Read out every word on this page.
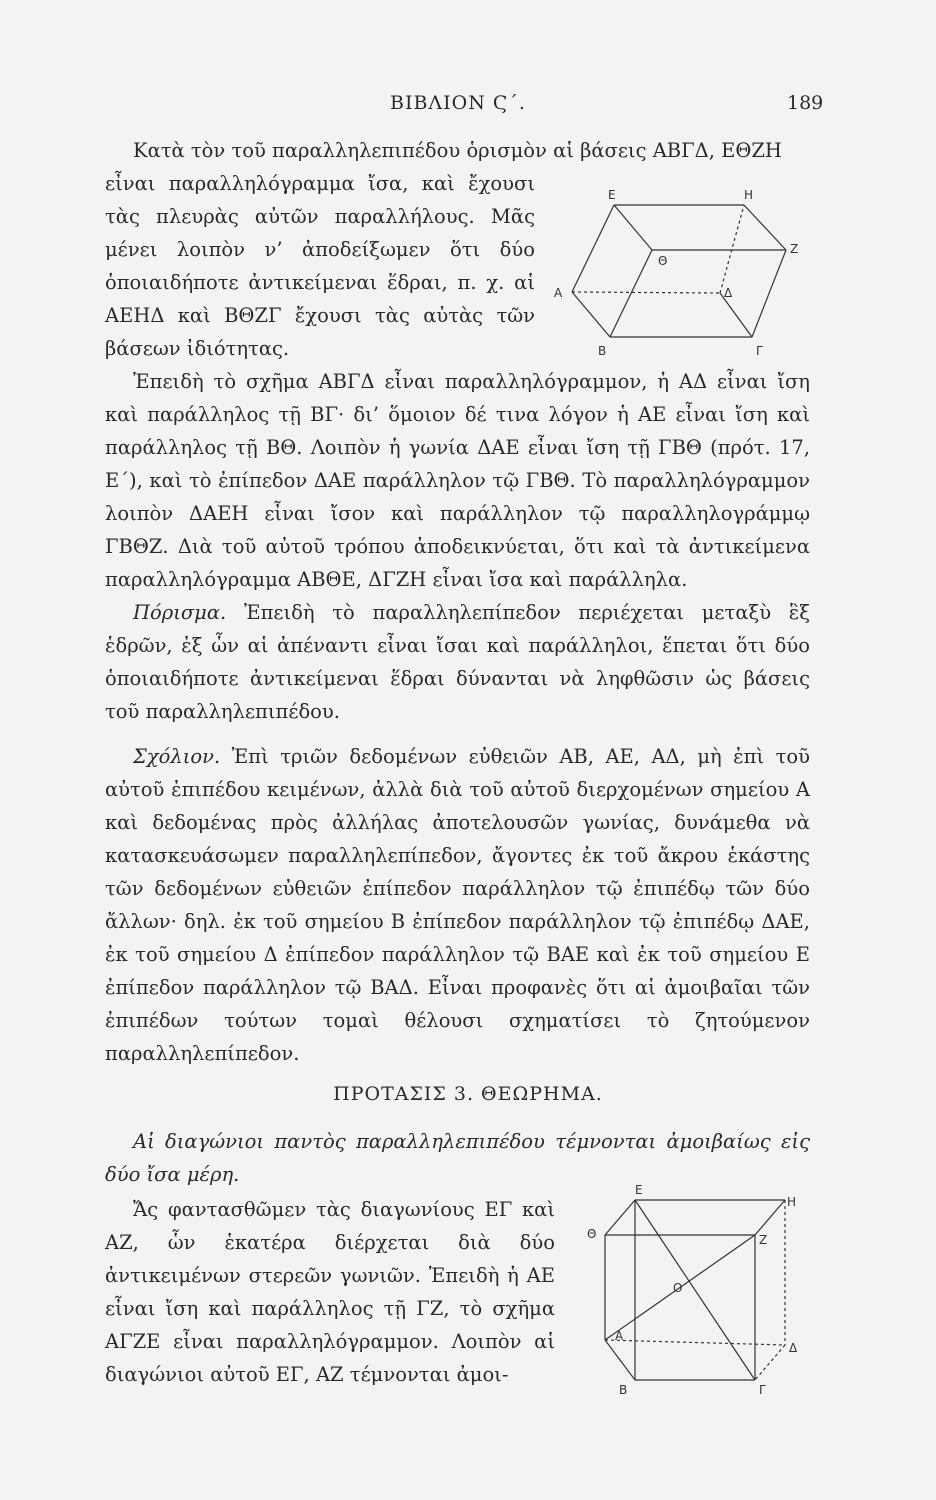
ΒΙΒΛΙΟΝ Ϛ΄.	189

Κατὰ τὸν τοῦ παραλληλεπιπέδου ὁρισμὸν αἱ βάσεις ΑΒΓΔ, ΕΘΖΗ

εἶναι παραλληλόγραμμα ἴσα, καὶ ἔχουσι τὰς πλευρὰς αὐτῶν παραλλήλους. Μᾶς μένει λοιπὸν ν’ ἀποδείξωμεν ὅτι δύο ὁποιαιδήποτε ἀντικείμεναι ἕδραι, π. χ. αἱ ΑΕΗΔ καὶ ΒΘΖΓ ἔχουσι τὰς αὐτὰς τῶν βάσεων ἰδιότητας.

Ε	Η
Ζ
Θ
Α	Δ
Β	Γ

Ἐπειδὴ τὸ σχῆμα ΑΒΓΔ εἶναι παραλληλόγραμμον, ἡ ΑΔ εἶναι ἴση καὶ παράλληλος τῇ ΒΓ· δι’ ὅμοιον δέ τινα λόγον ἡ ΑΕ εἶναι ἴση καὶ παράλληλος τῇ ΒΘ. Λοιπὸν ἡ γωνία ΔΑΕ εἶναι ἴση τῇ ΓΒΘ (πρότ. 17, Ε΄), καὶ τὸ ἐπίπεδον ΔΑΕ παράλληλον τῷ ΓΒΘ. Τὸ παραλληλόγραμμον λοιπὸν ΔΑΕΗ εἶναι ἴσον καὶ παράλληλον τῷ παραλληλογράμμῳ ΓΒΘΖ. Διὰ τοῦ αὐτοῦ τρόπου ἀποδεικνύεται, ὅτι καὶ τὰ ἀντικείμενα παραλληλόγραμμα ΑΒΘΕ, ΔΓΖΗ εἶναι ἴσα καὶ παράλληλα.

Πόρισμα. Ἐπειδὴ τὸ παραλληλεπίπεδον περιέχεται μεταξὺ ἓξ ἑδρῶν, ἐξ ὧν αἱ ἀπέναντι εἶναι ἴσαι καὶ παράλληλοι, ἕπεται ὅτι δύο ὁποιαιδήποτε ἀντικείμεναι ἕδραι δύνανται νὰ ληφθῶσιν ὡς βάσεις τοῦ παραλληλεπιπέδου.

Σχόλιον. Ἐπὶ τριῶν δεδομένων εὐθειῶν ΑΒ, ΑΕ, ΑΔ, μὴ ἐπὶ τοῦ αὐτοῦ ἐπιπέδου κειμένων, ἀλλὰ διὰ τοῦ αὐτοῦ διερχομένων σημείου Α καὶ δεδομένας πρὸς ἀλλήλας ἀποτελουσῶν γωνίας, δυνάμεθα νὰ κατασκευάσωμεν παραλληλεπίπεδον, ἄγοντες ἐκ τοῦ ἄκρου ἑκάστης τῶν δεδομένων εὐθειῶν ἐπίπεδον παράλληλον τῷ ἐπιπέδῳ τῶν δύο ἄλλων· δηλ. ἐκ τοῦ σημείου Β ἐπίπεδον παράλληλον τῷ ἐπιπέδῳ ΔΑΕ, ἐκ τοῦ σημείου Δ ἐπίπεδον παράλληλον τῷ ΒΑΕ καὶ ἐκ τοῦ σημείου Ε ἐπίπεδον παράλληλον τῷ ΒΑΔ. Εἶναι προφανὲς ὅτι αἱ ἀμοιβαῖαι τῶν ἐπιπέδων τούτων τομαὶ θέλουσι σχηματίσει τὸ ζητούμενον παραλληλεπίπεδον.

ΠΡΟΤΑΣΙΣ 3. ΘΕΩΡΗΜΑ.

Αἱ διαγώνιοι παντὸς παραλληλεπιπέδου τέμνονται ἀμοιβαίως εἰς δύο ἴσα μέρη.

Ἄς φαντασθῶμεν τὰς διαγωνίους ΕΓ καὶ ΑΖ, ὧν ἑκατέρα διέρχεται διὰ δύο ἀντικειμένων στερεῶν γωνιῶν. Ἐπειδὴ ἡ ΑΕ εἶναι ἴση καὶ παράλληλος τῇ ΓΖ, τὸ σχῆμα ΑΓΖΕ εἶναι παραλληλόγραμμον. Λοιπὸν αἱ διαγώνιοι αὐτοῦ ΕΓ, ΑΖ τέμνονται ἀμοι-

Ε
Η
Θ	Ζ
Ο
Α
Δ
Β	Γ
